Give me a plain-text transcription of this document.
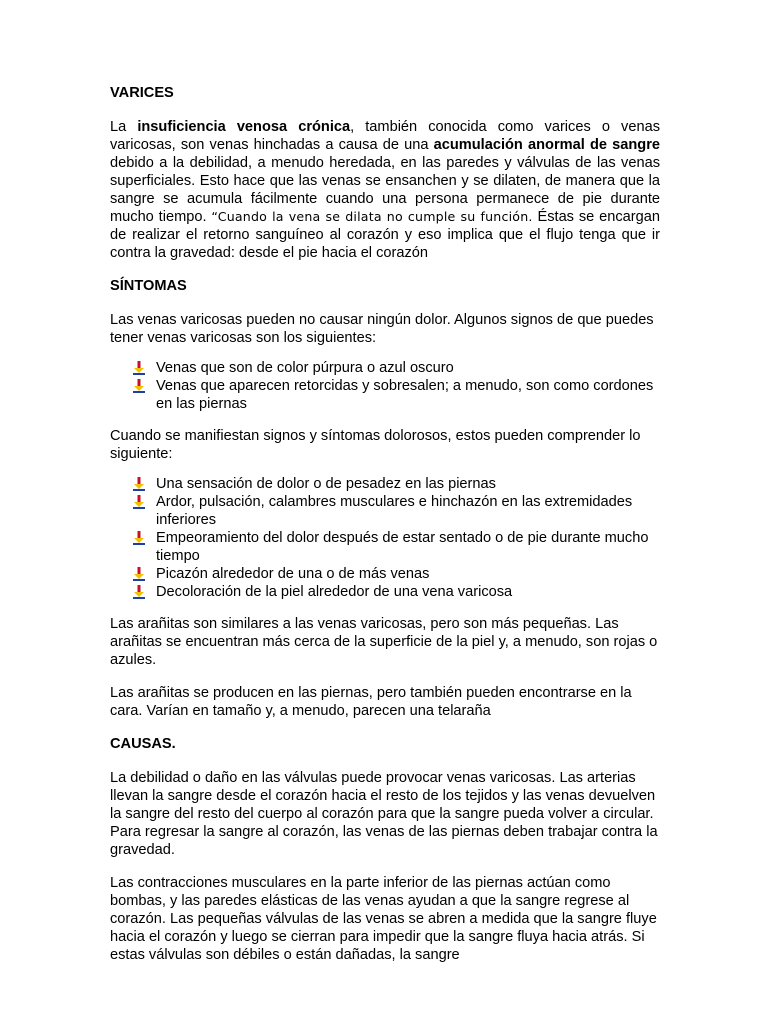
VARICES

La insuficiencia venosa crónica, también conocida como varices o venas varicosas, son venas hinchadas a causa de una acumulación anormal de sangre debido a la debilidad, a menudo heredada, en las paredes y válvulas de las venas superficiales. Esto hace que las venas se ensanchen y se dilaten, de manera que la sangre se acumula fácilmente cuando una persona permanece de pie durante mucho tiempo. “Cuando la vena se dilata no cumple su función. Éstas se encargan de realizar el retorno sanguíneo al corazón y eso implica que el flujo tenga que ir contra la gravedad: desde el pie hacia el corazón

SÍNTOMAS

Las venas varicosas pueden no causar ningún dolor. Algunos signos de que puedes tener venas varicosas son los siguientes:

Venas que son de color púrpura o azul oscuro
Venas que aparecen retorcidas y sobresalen; a menudo, son como cordones en las piernas

Cuando se manifiestan signos y síntomas dolorosos, estos pueden comprender lo siguiente:

Una sensación de dolor o de pesadez en las piernas
Ardor, pulsación, calambres musculares e hinchazón en las extremidades inferiores
Empeoramiento del dolor después de estar sentado o de pie durante mucho tiempo
Picazón alrededor de una o de más venas
Decoloración de la piel alrededor de una vena varicosa

Las arañitas son similares a las venas varicosas, pero son más pequeñas. Las arañitas se encuentran más cerca de la superficie de la piel y, a menudo, son rojas o azules.

Las arañitas se producen en las piernas, pero también pueden encontrarse en la cara. Varían en tamaño y, a menudo, parecen una telaraña

CAUSAS.

La debilidad o daño en las válvulas puede provocar venas varicosas. Las arterias llevan la sangre desde el corazón hacia el resto de los tejidos y las venas devuelven la sangre del resto del cuerpo al corazón para que la sangre pueda volver a circular. Para regresar la sangre al corazón, las venas de las piernas deben trabajar contra la gravedad.

Las contracciones musculares en la parte inferior de las piernas actúan como bombas, y las paredes elásticas de las venas ayudan a que la sangre regrese al corazón. Las pequeñas válvulas de las venas se abren a medida que la sangre fluye hacia el corazón y luego se cierran para impedir que la sangre fluya hacia atrás. Si estas válvulas son débiles o están dañadas, la sangre
